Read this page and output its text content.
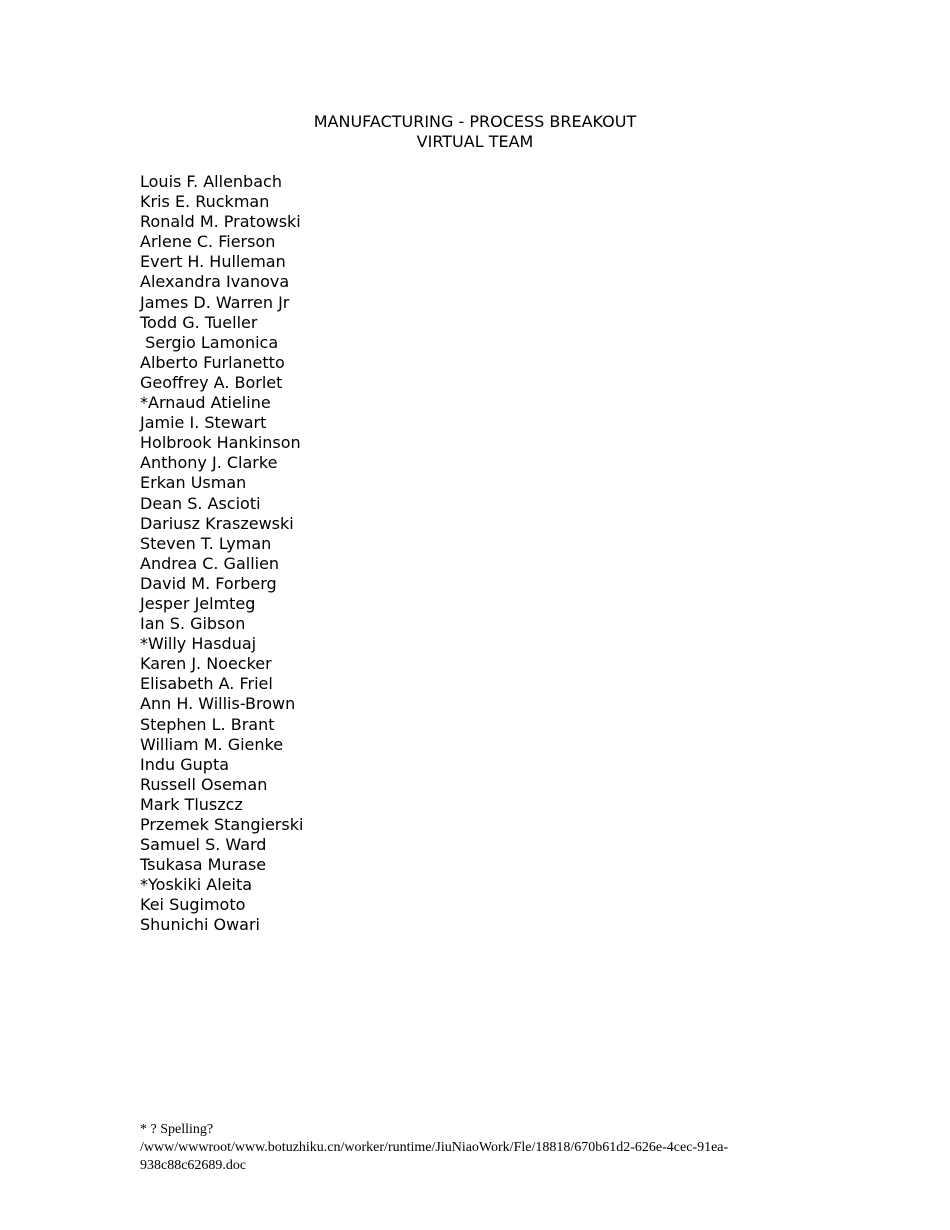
MANUFACTURING - PROCESS BREAKOUT
VIRTUAL TEAM
Louis F. Allenbach
Kris E. Ruckman
Ronald M. Pratowski
Arlene C. Fierson
Evert H. Hulleman
Alexandra Ivanova
James D. Warren Jr
Todd G. Tueller
Sergio Lamonica
Alberto Furlanetto
Geoffrey A. Borlet
*Arnaud Atieline
Jamie I. Stewart
Holbrook Hankinson
Anthony J. Clarke
Erkan Usman
Dean S. Ascioti
Dariusz Kraszewski
Steven T. Lyman
Andrea C. Gallien
David M. Forberg
Jesper Jelmteg
Ian S. Gibson
*Willy Hasduaj
Karen J. Noecker
Elisabeth A. Friel
Ann H. Willis-Brown
Stephen L. Brant
William M. Gienke
Indu Gupta
Russell Oseman
Mark Tluszcz
Przemek Stangierski
Samuel S. Ward
Tsukasa Murase
*Yoskiki Aleita
Kei Sugimoto
Shunichi Owari
* ? Spelling?
/www/wwwroot/www.botuzhiku.cn/worker/runtime/JiuNiaoWork/Fle/18818/670b61d2-626e-4cec-91ea-
938c88c62689.doc
